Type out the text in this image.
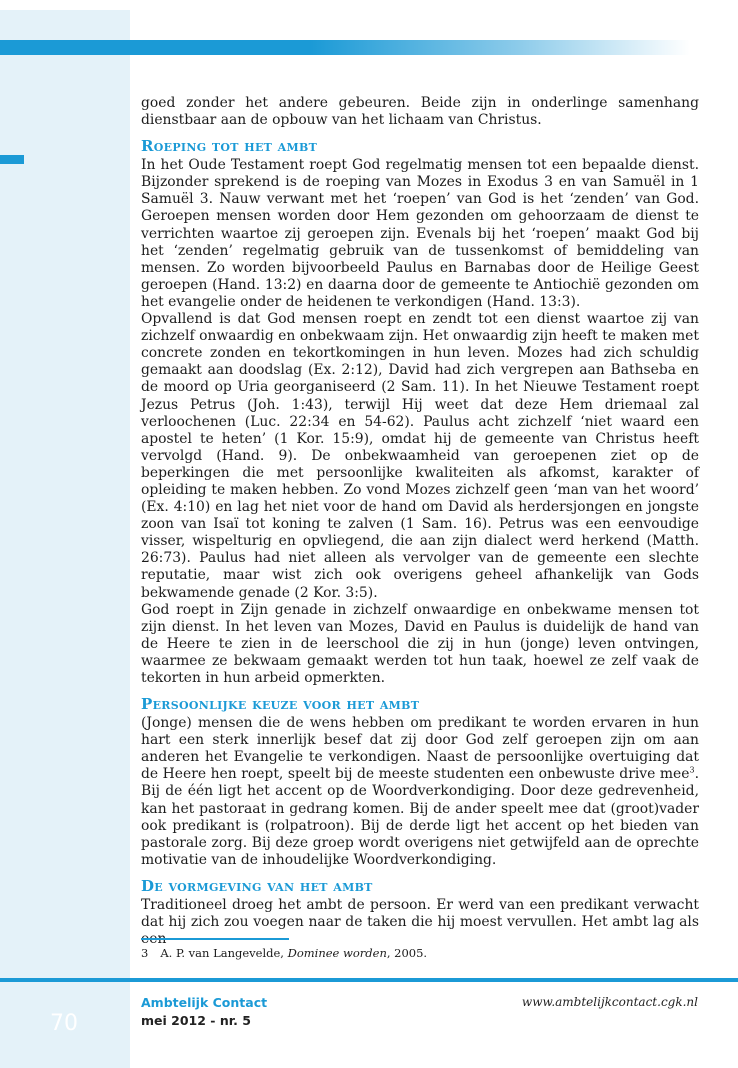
goed zonder het andere gebeuren. Beide zijn in onderlinge samenhang dienstbaar aan de opbouw van het lichaam van Christus.

Roeping tot het ambt

In het Oude Testament roept God regelmatig mensen tot een bepaalde dienst. Bijzonder sprekend is de roeping van Mozes in Exodus 3 en van Samuël in 1 Samuël 3. Nauw verwant met het ‘roepen’ van God is het ‘zenden’ van God. Geroepen mensen worden door Hem gezonden om gehoorzaam de dienst te verrichten waartoe zij geroepen zijn. Evenals bij het ‘roepen’ maakt God bij het ‘zenden’ regelmatig gebruik van de tussenkomst of bemiddeling van mensen. Zo worden bijvoorbeeld Paulus en Barnabas door de Heilige Geest geroepen (Hand. 13:2) en daarna door de gemeente te Antiochië gezonden om het evangelie onder de heidenen te verkondigen (Hand. 13:3).

Opvallend is dat God mensen roept en zendt tot een dienst waartoe zij van zichzelf onwaardig en onbekwaam zijn. Het onwaardig zijn heeft te maken met concrete zonden en tekortkomingen in hun leven. Mozes had zich schuldig gemaakt aan doodslag (Ex. 2:12), David had zich vergrepen aan Bathseba en de moord op Uria georganiseerd (2 Sam. 11). In het Nieuwe Testament roept Jezus Petrus (Joh. 1:43), terwijl Hij weet dat deze Hem driemaal zal verloochenen (Luc. 22:34 en 54-62). Paulus acht zichzelf ‘niet waard een apostel te heten’ (1 Kor. 15:9), omdat hij de gemeente van Christus heeft vervolgd (Hand. 9). De onbekwaamheid van geroepenen ziet op de beperkingen die met persoonlijke kwaliteiten als afkomst, karakter of opleiding te maken hebben. Zo vond Mozes zichzelf geen ‘man van het woord’ (Ex. 4:10) en lag het niet voor de hand om David als herdersjongen en jongste zoon van Isaï tot koning te zalven (1 Sam. 16). Petrus was een eenvoudige visser, wispelturig en opvliegend, die aan zijn dialect werd herkend (Matth. 26:73). Paulus had niet alleen als vervolger van de gemeente een slechte reputatie, maar wist zich ook overigens geheel afhankelijk van Gods bekwamende genade (2 Kor. 3:5).

God roept in Zijn genade in zichzelf onwaardige en onbekwame mensen tot zijn dienst. In het leven van Mozes, David en Paulus is duidelijk de hand van de Heere te zien in de leerschool die zij in hun (jonge) leven ontvingen, waarmee ze bekwaam gemaakt werden tot hun taak, hoewel ze zelf vaak de tekorten in hun arbeid opmerkten.

Persoonlijke keuze voor het ambt

(Jonge) mensen die de wens hebben om predikant te worden ervaren in hun hart een sterk innerlijk besef dat zij door God zelf geroepen zijn om aan anderen het Evangelie te verkondigen. Naast de persoonlijke overtuiging dat de Heere hen roept, speelt bij de meeste studenten een onbewuste drive mee$^3$. Bij de één ligt het accent op de Woordverkondiging. Door deze gedrevenheid, kan het pastoraat in gedrang komen. Bij de ander speelt mee dat (groot)vader ook predikant is (rolpatroon). Bij de derde ligt het accent op het bieden van pastorale zorg. Bij deze groep wordt overigens niet getwijfeld aan de oprechte motivatie van de inhoudelijke Woordverkondiging.

De vormgeving van het ambt

Traditioneel droeg het ambt de persoon. Er werd van een predikant verwacht dat hij zich zou voegen naar de taken die hij moest vervullen. Het ambt lag als

3 A. P. van Langevelde, Dominee worden, 2005.
70
Ambtelijk Contact
mei 2012 - nr. 5
www.ambtelijkcontact.cgk.nl
